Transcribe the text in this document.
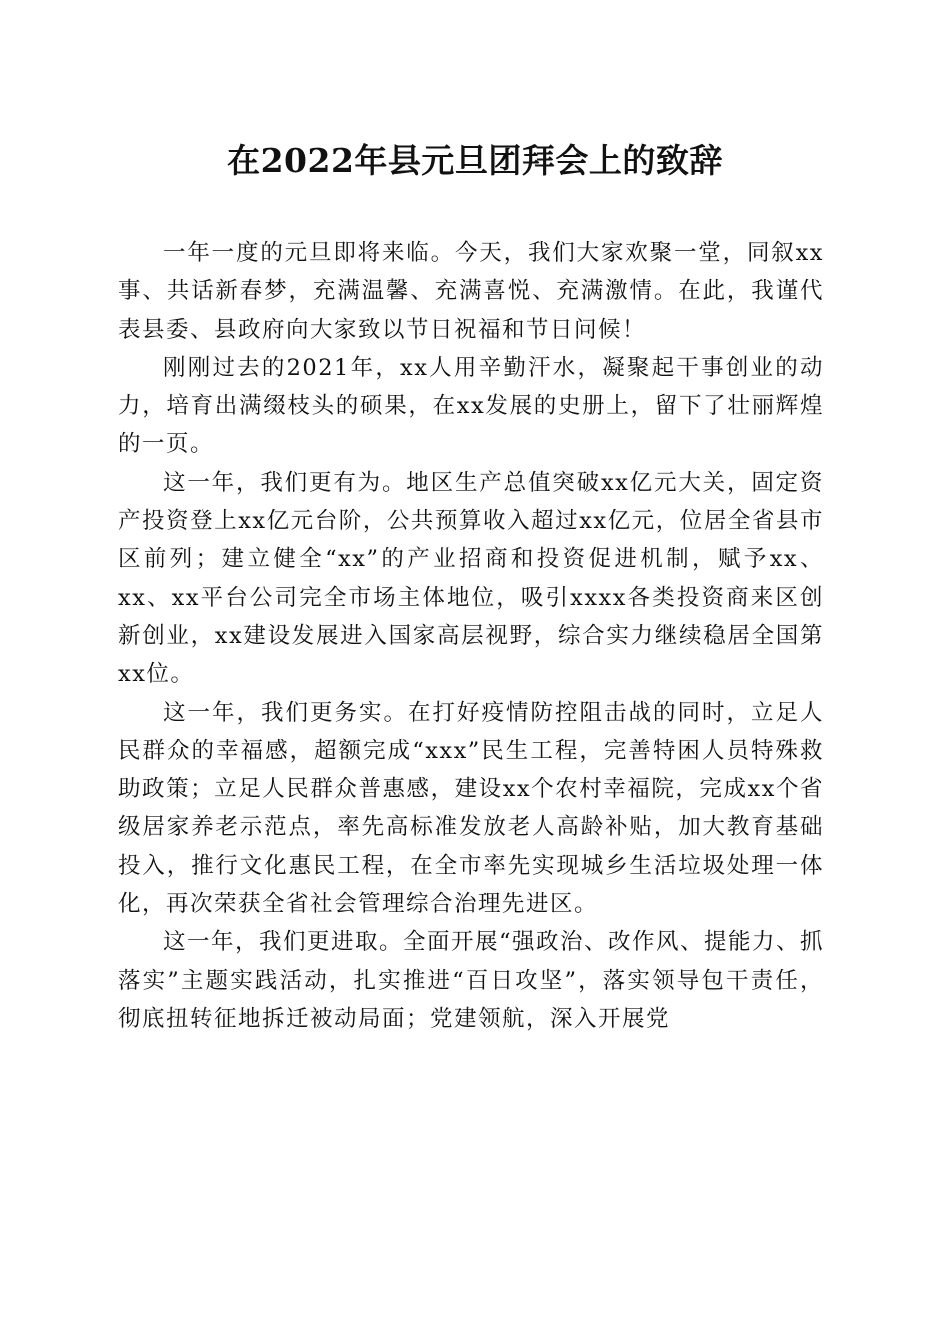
在2022年县元旦团拜会上的致辞

一年一度的元旦即将来临。今天，我们大家欢聚一堂，同叙xx事、共话新春梦，充满温馨、充满喜悦、充满激情。在此，我谨代表县委、县政府向大家致以节日祝福和节日问候！

刚刚过去的2021年，xx人用辛勤汗水，凝聚起干事创业的动力，培育出满缀枝头的硕果，在xx发展的史册上，留下了壮丽辉煌的一页。

这一年，我们更有为。地区生产总值突破xx亿元大关，固定资产投资登上xx亿元台阶，公共预算收入超过xx亿元，位居全省县市区前列；建立健全“xx”的产业招商和投资促进机制，赋予xx、xx、xx平台公司完全市场主体地位，吸引xxxx各类投资商来区创新创业，xx建设发展进入国家高层视野，综合实力继续稳居全国第xx位。

这一年，我们更务实。在打好疫情防控阻击战的同时，立足人民群众的幸福感，超额完成“xxx”民生工程，完善特困人员特殊救助政策；立足人民群众普惠感，建设xx个农村幸福院，完成xx个省级居家养老示范点，率先高标准发放老人高龄补贴，加大教育基础投入，推行文化惠民工程，在全市率先实现城乡生活垃圾处理一体化，再次荣获全省社会管理综合治理先进区。

这一年，我们更进取。全面开展“强政治、改作风、提能力、抓落实”主题实践活动，扎实推进“百日攻坚”，落实领导包干责任，彻底扭转征地拆迁被动局面；党建领航，深入开展党
